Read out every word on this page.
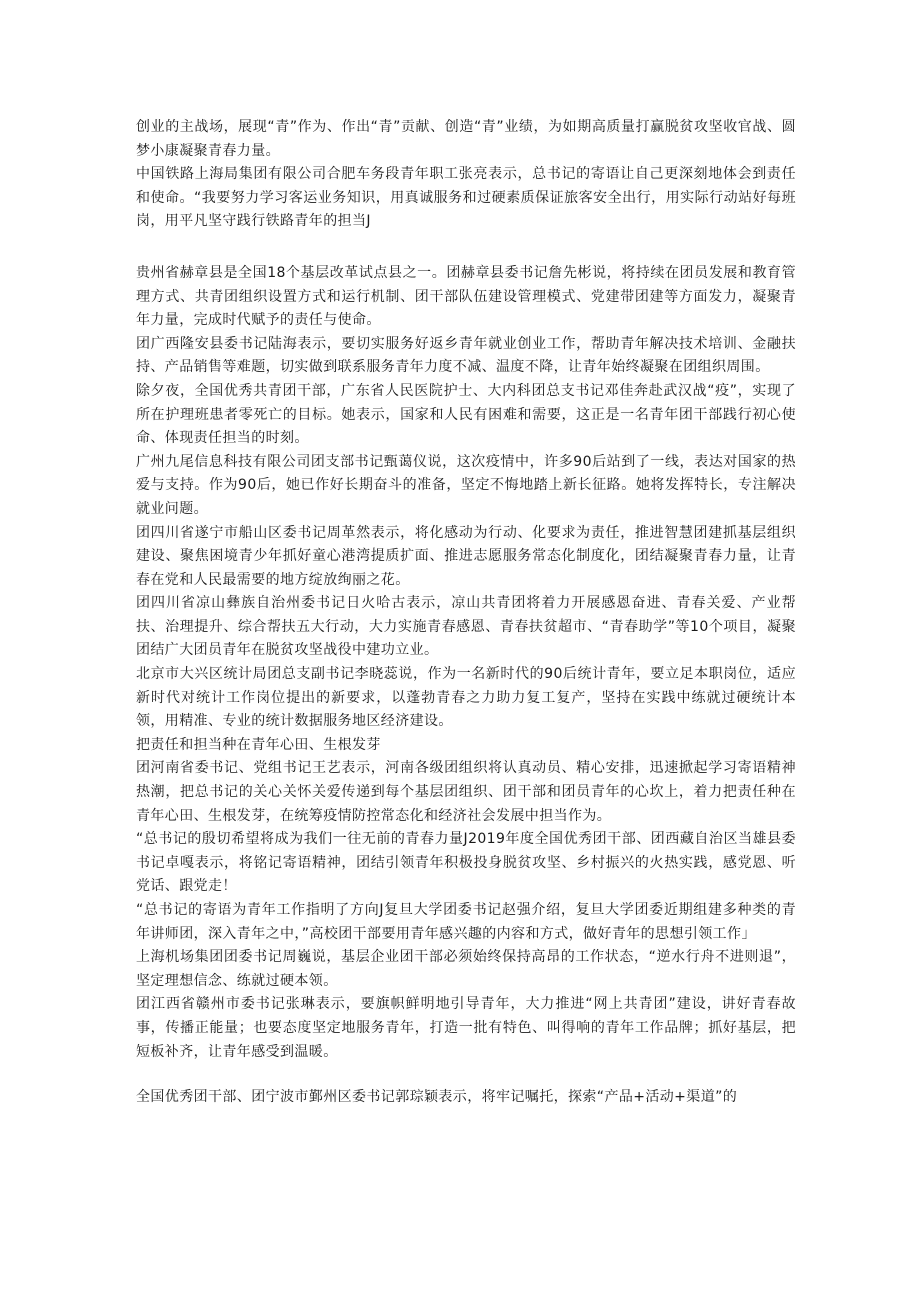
创业的主战场，展现“青”作为、作出“青”贡献、创造“青”业绩，为如期高质量打赢脱贫攻坚收官战、圆梦小康凝聚青春力量。

中国铁路上海局集团有限公司合肥车务段青年职工张亮表示，总书记的寄语让自己更深刻地体会到责任和使命。“我要努力学习客运业务知识，用真诚服务和过硬素质保证旅客安全出行，用实际行动站好每班岗，用平凡坚守践行铁路青年的担当J

贵州省赫章县是全国18个基层改革试点县之一。团赫章县委书记詹先彬说，将持续在团员发展和教育管理方式、共青团组织设置方式和运行机制、团干部队伍建设管理模式、党建带团建等方面发力，凝聚青年力量，完成时代赋予的责任与使命。

团广西隆安县委书记陆海表示，要切实服务好返乡青年就业创业工作，帮助青年解决技术培训、金融扶持、产品销售等难题，切实做到联系服务青年力度不减、温度不降，让青年始终凝聚在团组织周围。

除夕夜，全国优秀共青团干部，广东省人民医院护士、大内科团总支书记邓佳奔赴武汉战“疫”，实现了所在护理班患者零死亡的目标。她表示，国家和人民有困难和需要，这正是一名青年团干部践行初心使命、体现责任担当的时刻。

广州九尾信息科技有限公司团支部书记甄蔼仪说，这次疫情中，许多90后站到了一线，表达对国家的热爱与支持。作为90后，她已作好长期奋斗的准备，坚定不悔地踏上新长征路。她将发挥特长，专注解决就业问题。

团四川省遂宁市船山区委书记周革然表示，将化感动为行动、化要求为责任，推进智慧团建抓基层组织建设、聚焦困境青少年抓好童心港湾提质扩面、推进志愿服务常态化制度化，团结凝聚青春力量，让青春在党和人民最需要的地方绽放绚丽之花。

团四川省凉山彝族自治州委书记日火哈古表示，凉山共青团将着力开展感恩奋进、青春关爱、产业帮扶、治理提升、综合帮扶五大行动，大力实施青春感恩、青春扶贫超市、“青春助学”等10个项目，凝聚团结广大团员青年在脱贫攻坚战役中建功立业。

北京市大兴区统计局团总支副书记李晓蕊说，作为一名新时代的90后统计青年，要立足本职岗位，适应新时代对统计工作岗位提出的新要求，以蓬勃青春之力助力复工复产，坚持在实践中练就过硬统计本领，用精准、专业的统计数据服务地区经济建设。

把责任和担当种在青年心田、生根发芽

团河南省委书记、党组书记王艺表示，河南各级团组织将认真动员、精心安排，迅速掀起学习寄语精神热潮，把总书记的关心关怀关爱传递到每个基层团组织、团干部和团员青年的心坎上，着力把责任种在青年心田、生根发芽，在统筹疫情防控常态化和经济社会发展中担当作为。

“总书记的殷切希望将成为我们一往无前的青春力量J2019年度全国优秀团干部、团西藏自治区当雄县委书记卓嘎表示，将铭记寄语精神，团结引领青年积极投身脱贫攻坚、乡村振兴的火热实践，感党恩、听党话、跟党走！

“总书记的寄语为青年工作指明了方向J复旦大学团委书记赵强介绍，复旦大学团委近期组建多种类的青年讲师团，深入青年之中，”高校团干部要用青年感兴趣的内容和方式，做好青年的思想引领工作」

上海机场集团团委书记周巍说，基层企业团干部必须始终保持高昂的工作状态，“逆水行舟不进则退”，坚定理想信念、练就过硬本领。

团江西省赣州市委书记张琳表示，要旗帜鲜明地引导青年，大力推进“网上共青团”建设，讲好青春故事，传播正能量；也要态度坚定地服务青年，打造一批有特色、叫得响的青年工作品牌；抓好基层，把短板补齐，让青年感受到温暖。

全国优秀团干部、团宁波市鄞州区委书记郭琮颖表示，将牢记嘱托，探索“产品+活动+渠道”的
